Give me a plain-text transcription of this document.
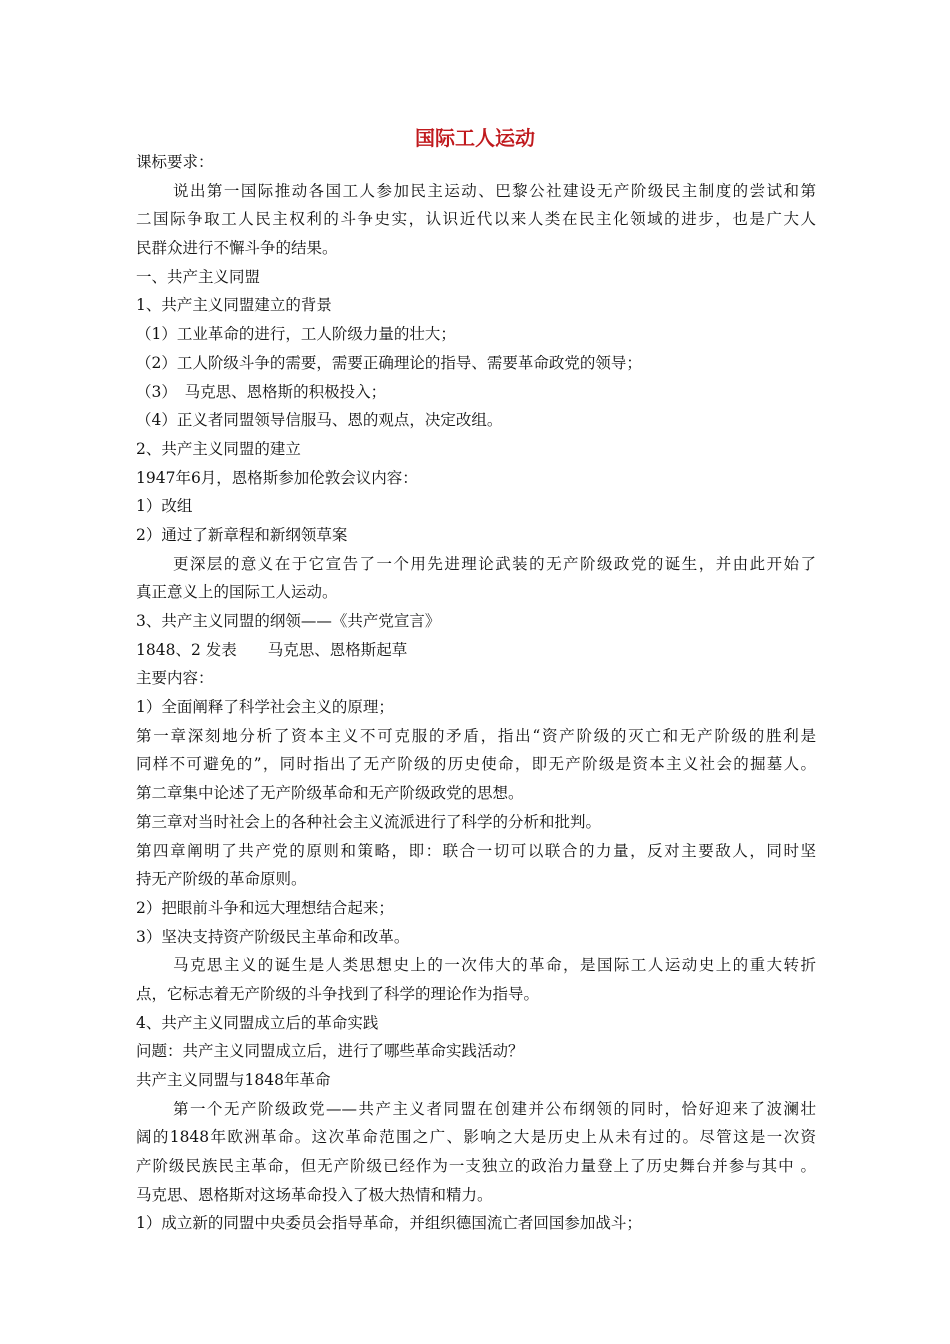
国际工人运动
课标要求：
说出第一国际推动各国工人参加民主运动、巴黎公社建设无产阶级民主制度的尝试和第
二国际争取工人民主权利的斗争史实，认识近代以来人类在民主化领域的进步，也是广大人
民群众进行不懈斗争的结果。
一、共产主义同盟
1、共产主义同盟建立的背景
（1）工业革命的进行，工人阶级力量的壮大；
（2）工人阶级斗争的需要，需要正确理论的指导、需要革命政党的领导；
（3）　马克思、恩格斯的积极投入；
（4）正义者同盟领导信服马、恩的观点，决定改组。
2、共产主义同盟的建立
1947年6月，恩格斯参加伦敦会议内容：
1）改组
2）通过了新章程和新纲领草案
更深层的意义在于它宣告了一个用先进理论武装的无产阶级政党的诞生，并由此开始了
真正意义上的国际工人运动。
3、共产主义同盟的纲领——《共产党宣言》
1848、2 发表　　马克思、恩格斯起草
主要内容：
1）全面阐释了科学社会主义的原理；
第一章深刻地分析了资本主义不可克服的矛盾，指出“资产阶级的灭亡和无产阶级的胜利是
同样不可避免的”，同时指出了无产阶级的历史使命，即无产阶级是资本主义社会的掘墓人。
第二章集中论述了无产阶级革命和无产阶级政党的思想。
第三章对当时社会上的各种社会主义流派进行了科学的分析和批判。
第四章阐明了共产党的原则和策略，即：联合一切可以联合的力量，反对主要敌人，同时坚
持无产阶级的革命原则。
2）把眼前斗争和远大理想结合起来；
3）坚决支持资产阶级民主革命和改革。
马克思主义的诞生是人类思想史上的一次伟大的革命，是国际工人运动史上的重大转折
点，它标志着无产阶级的斗争找到了科学的理论作为指导。
4、共产主义同盟成立后的革命实践
问题：共产主义同盟成立后，进行了哪些革命实践活动？
共产主义同盟与1848年革命
第一个无产阶级政党——共产主义者同盟在创建并公布纲领的同时，恰好迎来了波澜壮
阔的1848年欧洲革命。这次革命范围之广、影响之大是历史上从未有过的。尽管这是一次资
产阶级民族民主革命，但无产阶级已经作为一支独立的政治力量登上了历史舞台并参与其中 。
马克思、恩格斯对这场革命投入了极大热情和精力。
1）成立新的同盟中央委员会指导革命，并组织德国流亡者回国参加战斗；
